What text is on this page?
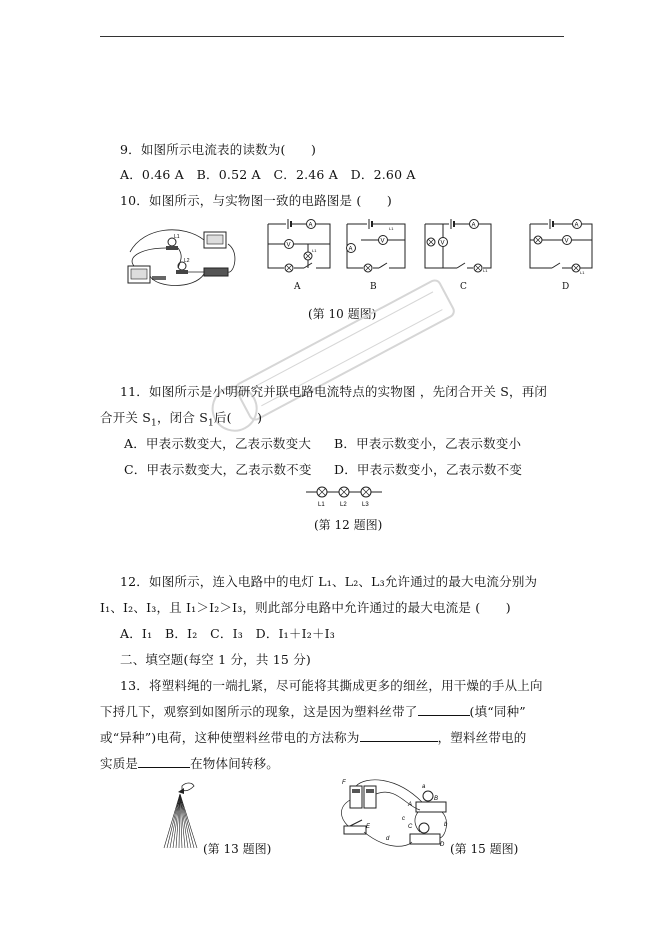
9．如图所示电流表的读数为(　　)
A．0.46 A　B．0.52 A　C．2.46 A　D．2.60 A
10．如图所示，与实物图一致的电路图是 (　　)
L1
L2
A
V
L1
A
V
A
L1
B
A
V
L1
C
A
V
L1
D
(第 10 题图)
11．如图所示是小明研究并联电路电流特点的实物图 ，先闭合开关 S，再闭
合开关 $S_1$，闭合 $S_1$后(　　)
A．甲表示数变大，乙表示数变大 B．甲表示数变小，乙表示数变小
C．甲表示数变大，乙表示数不变 D．甲表示数变小，乙表示数不变
L1	L2	L3
(第 12 题图)
12．如图所示，连入电路中的电灯 L₁、L₂、L₃允许通过的最大电流分别为
I₁、I₂、I₃，且 I₁＞I₂＞I₃，则此部分电路中允许通过的最大电流是 (　　)
A．I₁　B．I₂　C．I₃　D．I₁＋I₂＋I₃
二、填空题(每空 1 分，共 15 分)
13．将塑料绳的一端扎紧，尽可能将其撕成更多的细丝，用干燥的手从上向
下捋几下，观察到如图所示的现象，这是因为塑料丝带了	(填“同种”
或“异种”)电荷，这种使塑料丝带电的方法称为	，塑料丝带电的
实质是	在物体间转移。
(第 13 题图)
F
a
A
B
b
C
D
c
E
d
(第 15 题图)
